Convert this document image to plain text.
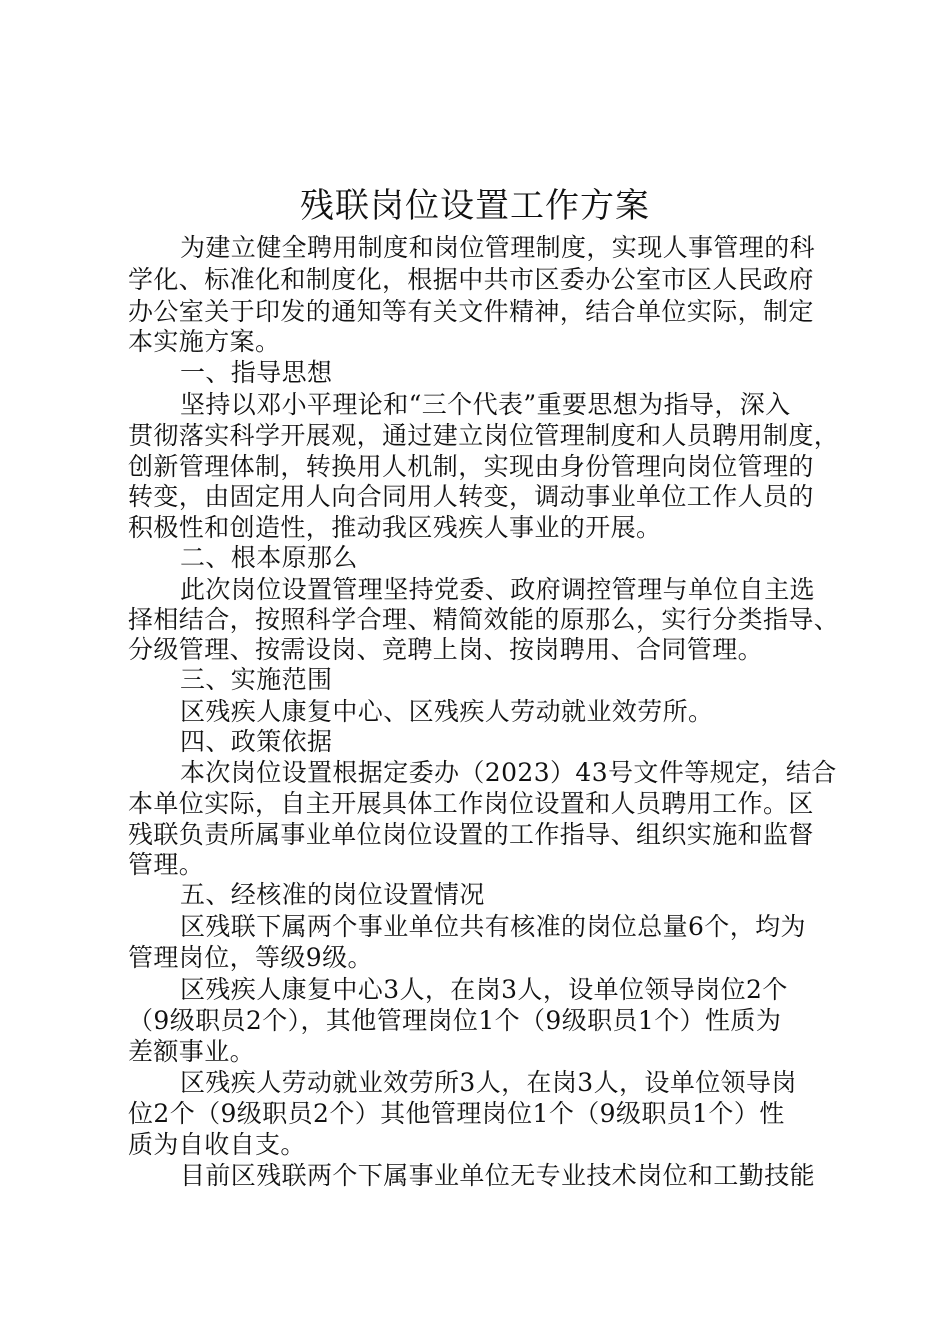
残联岗位设置工作方案
为建立健全聘用制度和岗位管理制度，实现人事管理的科
学化、标准化和制度化，根据中共市区委办公室市区人民政府
办公室关于印发的通知等有关文件精神，结合单位实际，制定
本实施方案。
一、指导思想
坚持以邓小平理论和“三个代表”重要思想为指导，深入
贯彻落实科学开展观，通过建立岗位管理制度和人员聘用制度，
创新管理体制，转换用人机制，实现由身份管理向岗位管理的
转变，由固定用人向合同用人转变，调动事业单位工作人员的
积极性和创造性，推动我区残疾人事业的开展。
二、根本原那么
此次岗位设置管理坚持党委、政府调控管理与单位自主选
择相结合，按照科学合理、精简效能的原那么，实行分类指导、
分级管理、按需设岗、竞聘上岗、按岗聘用、合同管理。
三、实施范围
区残疾人康复中心、区残疾人劳动就业效劳所。
四、政策依据
本次岗位设置根据定委办（2023）43号文件等规定，结合
本单位实际，自主开展具体工作岗位设置和人员聘用工作。区
残联负责所属事业单位岗位设置的工作指导、组织实施和监督
管理。
五、经核准的岗位设置情况
区残联下属两个事业单位共有核准的岗位总量6个，均为
管理岗位，等级9级。
区残疾人康复中心3人，在岗3人，设单位领导岗位2个
（9级职员2个），其他管理岗位1个（9级职员1个）性质为
差额事业。
区残疾人劳动就业效劳所3人，在岗3人，设单位领导岗
位2个（9级职员2个）其他管理岗位1个（9级职员1个）性
质为自收自支。
目前区残联两个下属事业单位无专业技术岗位和工勤技能
